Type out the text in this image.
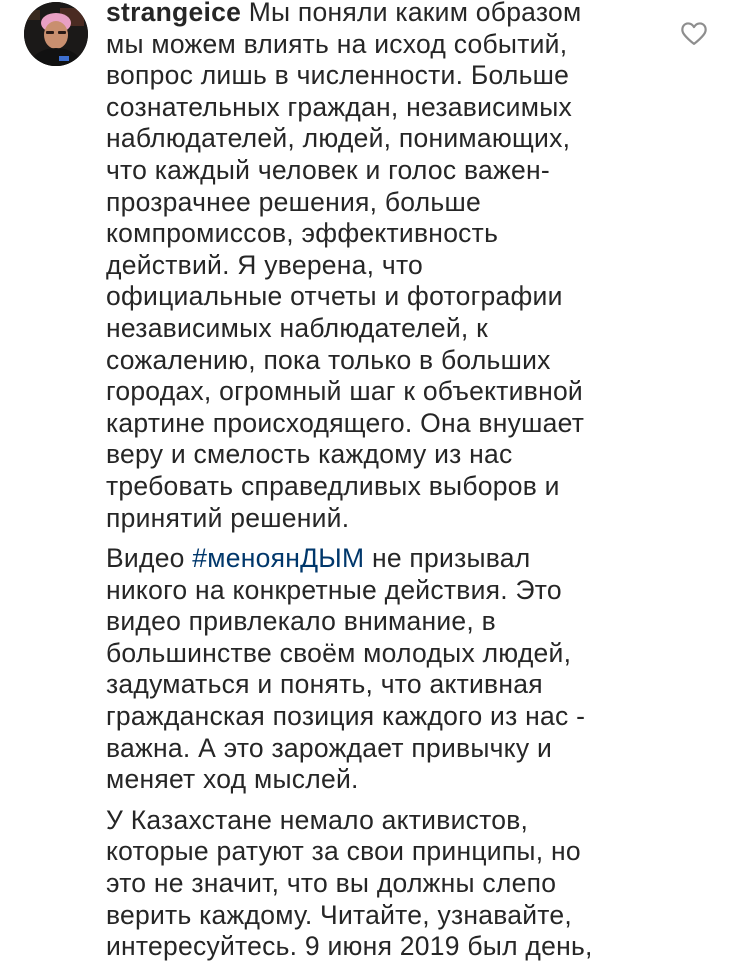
strangeice Мы поняли каким образом
мы можем влиять на исход событий,
вопрос лишь в численности. Больше
сознательных граждан, независимых
наблюдателей, людей, понимающих,
что каждый человек и голос важен-
прозрачнее решения, больше
компромиссов, эффективность
действий. Я уверена, что
официальные отчеты и фотографии
независимых наблюдателей, к
сожалению, пока только в больших
городах, огромный шаг к объективной
картине происходящего. Она внушает
веру и смелость каждому из нас
требовать справедливых выборов и
принятий решений.

Видео #меноянДЫМ не призывал
никого на конкретные действия. Это
видео привлекало внимание, в
большинстве своём молодых людей,
задуматься и понять, что активная
гражданская позиция каждого из нас -
важна. А это зарождает привычку и
меняет ход мыслей.

У Казахстане немало активистов,
которые ратуют за свои принципы, но
это не значит, что вы должны слепо
верить каждому. Читайте, узнавайте,
интересуйтесь. 9 июня 2019 был день,
